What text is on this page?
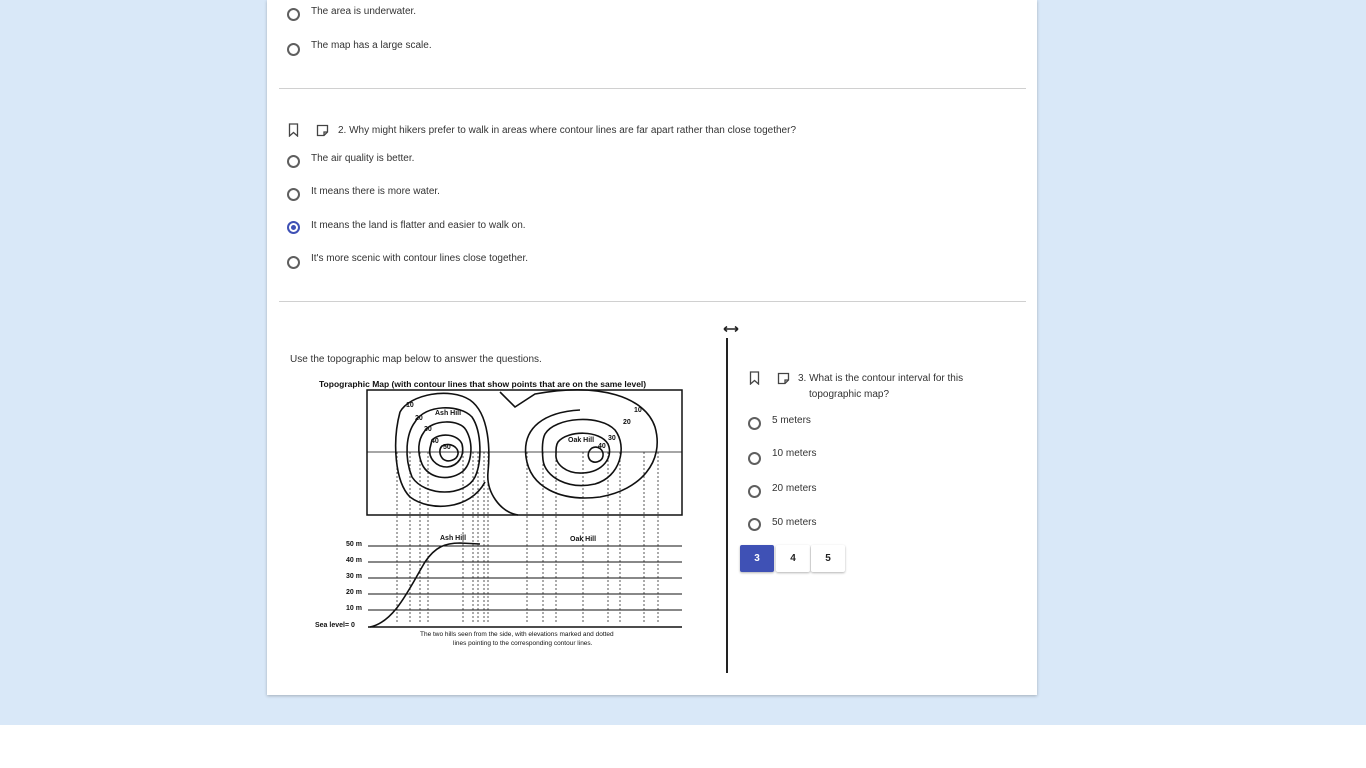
The area is underwater.
The map has a large scale.
2. Why might hikers prefer to walk in areas where contour lines are far apart rather than close together?
The air quality is better.
It means there is more water.
It means the land is flatter and easier to walk on.
It's more scenic with contour lines close together.
Use the topographic map below to answer the questions.
Topographic Map (with contour lines that show points that are on the same level)
Ash Hill
Oak Hill
10
20
30
40
50
10
20
30
40
Ash Hill	Oak Hill
50 m
40 m
30 m
20 m
10 m
Sea level= 0
The two hills seen from the side, with elevations marked and dotted
lines pointing to the corresponding contour lines.
3. What is the contour interval for this
topographic map?
5 meters
10 meters
20 meters
50 meters
3	4	5
